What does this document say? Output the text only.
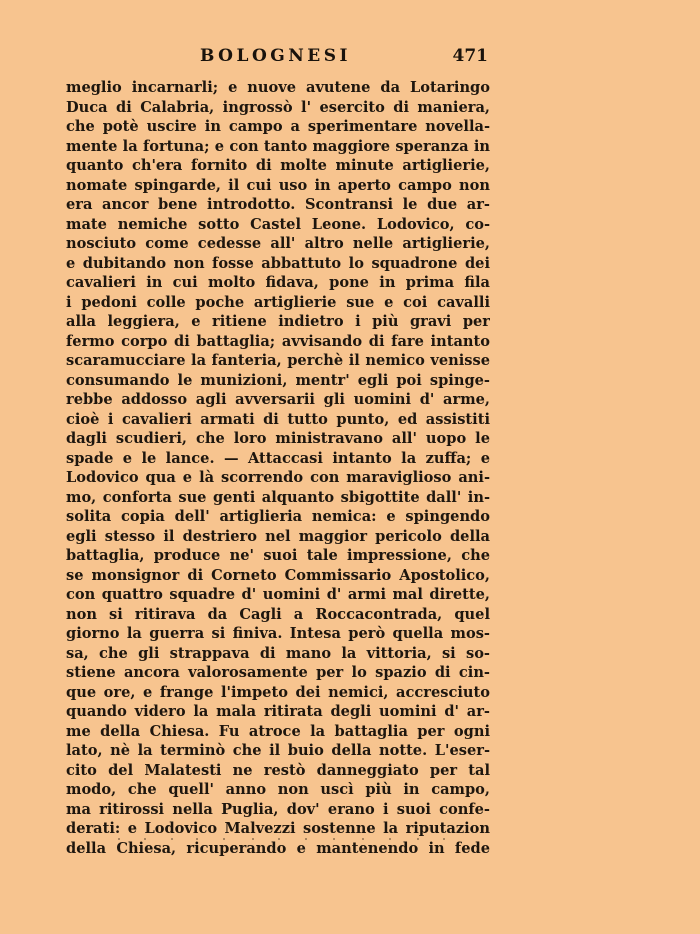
BOLOGNESI	471
meglio incarnarli; e nuove avutene da Lotaringo
Duca di Calabria, ingrossò l' esercito di maniera,
che potè uscire in campo a sperimentare novella-
mente la fortuna; e con tanto maggiore speranza in
quanto ch'era fornito di molte minute artiglierie,
nomate spingarde, il cui uso in aperto campo non
era ancor bene introdotto. Scontransi le due ar-
mate nemiche sotto Castel Leone. Lodovico, co-
nosciuto come cedesse all' altro nelle artiglierie,
e dubitando non fosse abbattuto lo squadrone dei
cavalieri in cui molto fidava, pone in prima fila
i pedoni colle poche artiglierie sue e coi cavalli
alla leggiera, e ritiene indietro i più gravi per
fermo corpo di battaglia; avvisando di fare intanto
scaramucciare la fanteria, perchè il nemico venisse
consumando le munizioni, mentr' egli poi spinge-
rebbe addosso agli avversarii gli uomini d' arme,
cioè i cavalieri armati di tutto punto, ed assistiti
dagli scudieri, che loro ministravano all' uopo le
spade e le lance. — Attaccasi intanto la zuffa; e
Lodovico qua e là scorrendo con maraviglioso ani-
mo, conforta sue genti alquanto sbigottite dall' in-
solita copia dell' artiglieria nemica: e spingendo
egli stesso il destriero nel maggior pericolo della
battaglia, produce ne' suoi tale impressione, che
se monsignor di Corneto Commissario Apostolico,
con quattro squadre d' uomini d' armi mal dirette,
non si ritirava da Cagli a Roccacontrada, quel
giorno la guerra si finiva. Intesa però quella mos-
sa, che gli strappava di mano la vittoria, si so-
stiene ancora valorosamente per lo spazio di cin-
que ore, e frange l'impeto dei nemici, accresciuto
quando videro la mala ritirata degli uomini d' ar-
me della Chiesa. Fu atroce la battaglia per ogni
lato, nè la terminò che il buio della notte. L'eser-
cito del Malatesti ne restò danneggiato per tal
modo, che quell' anno non uscì più in campo,
ma ritirossi nella Puglia, dov' erano i suoi confe-
derati: e Lodovico Malvezzi sostenne la riputazion
della Chiesa, ricuperando e mantenendo in fede
